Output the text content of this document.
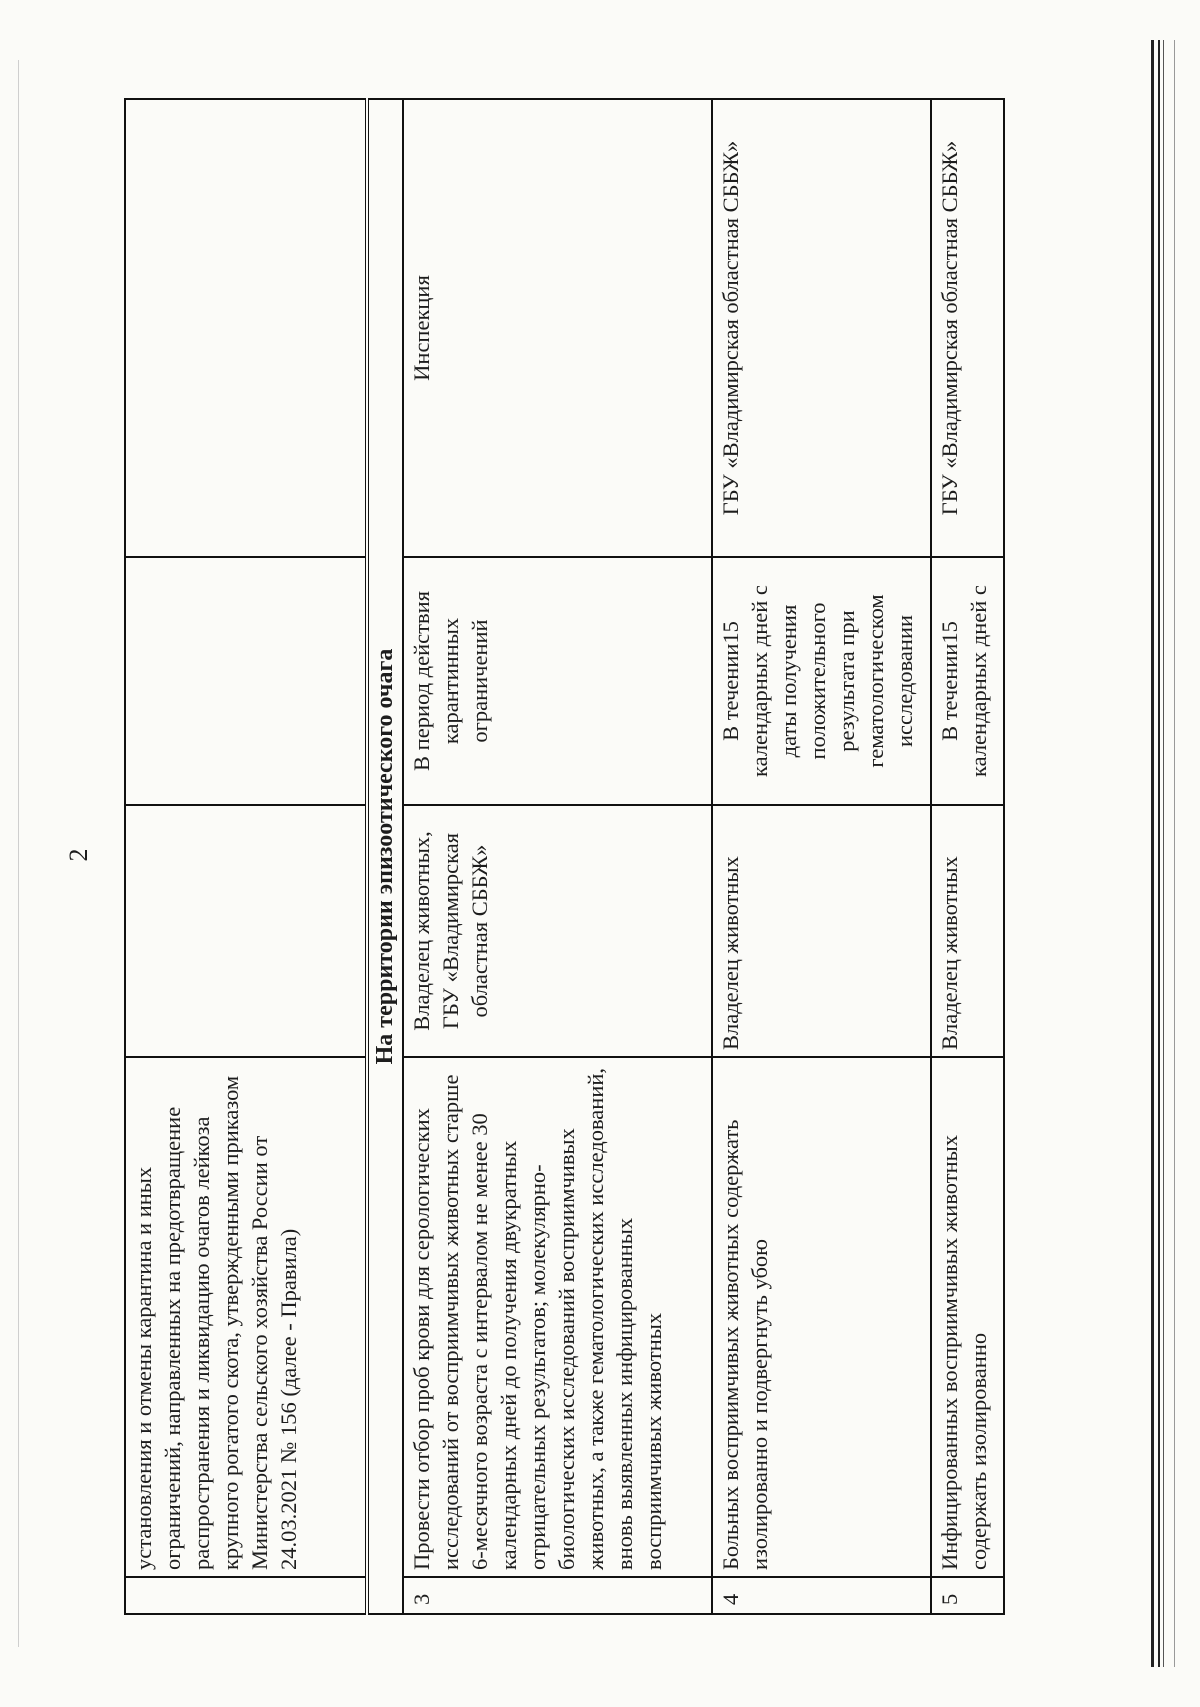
2
	установления и отмены карантина и иных ограничений, направленных на предотвращение распространения и ликвидацию очагов лейкоза крупного рогатого скота, утвержденными приказом Министерства сельского хозяйства России от 24.03.2021 № 156 (далее - Правила)			
На территории эпизоотического очага				
3	Провести отбор проб крови для серологических исследований от восприимчивых животных старше 6-месячного возраста с интервалом не менее 30 календарных дней до получения двукратных отрицательных результатов; молекулярно-биологических исследований восприимчивых животных, а также гематологических исследований, вновь выявленных инфицированных восприимчивых животных	Владелец животных, ГБУ «Владимирская областная СББЖ»	В период действия карантинных ограничений	Инспекция
4	Больных восприимчивых животных содержать изолированно и подвергнуть убою	Владелец животных	В течении15 календарных дней с даты получения положительного результата при гематологическом исследовании	ГБУ «Владимирская областная СББЖ»
5	Инфицированных восприимчивых животных содержать изолированно	Владелец животных	В течении15 календарных дней с	ГБУ «Владимирская областная СББЖ»
